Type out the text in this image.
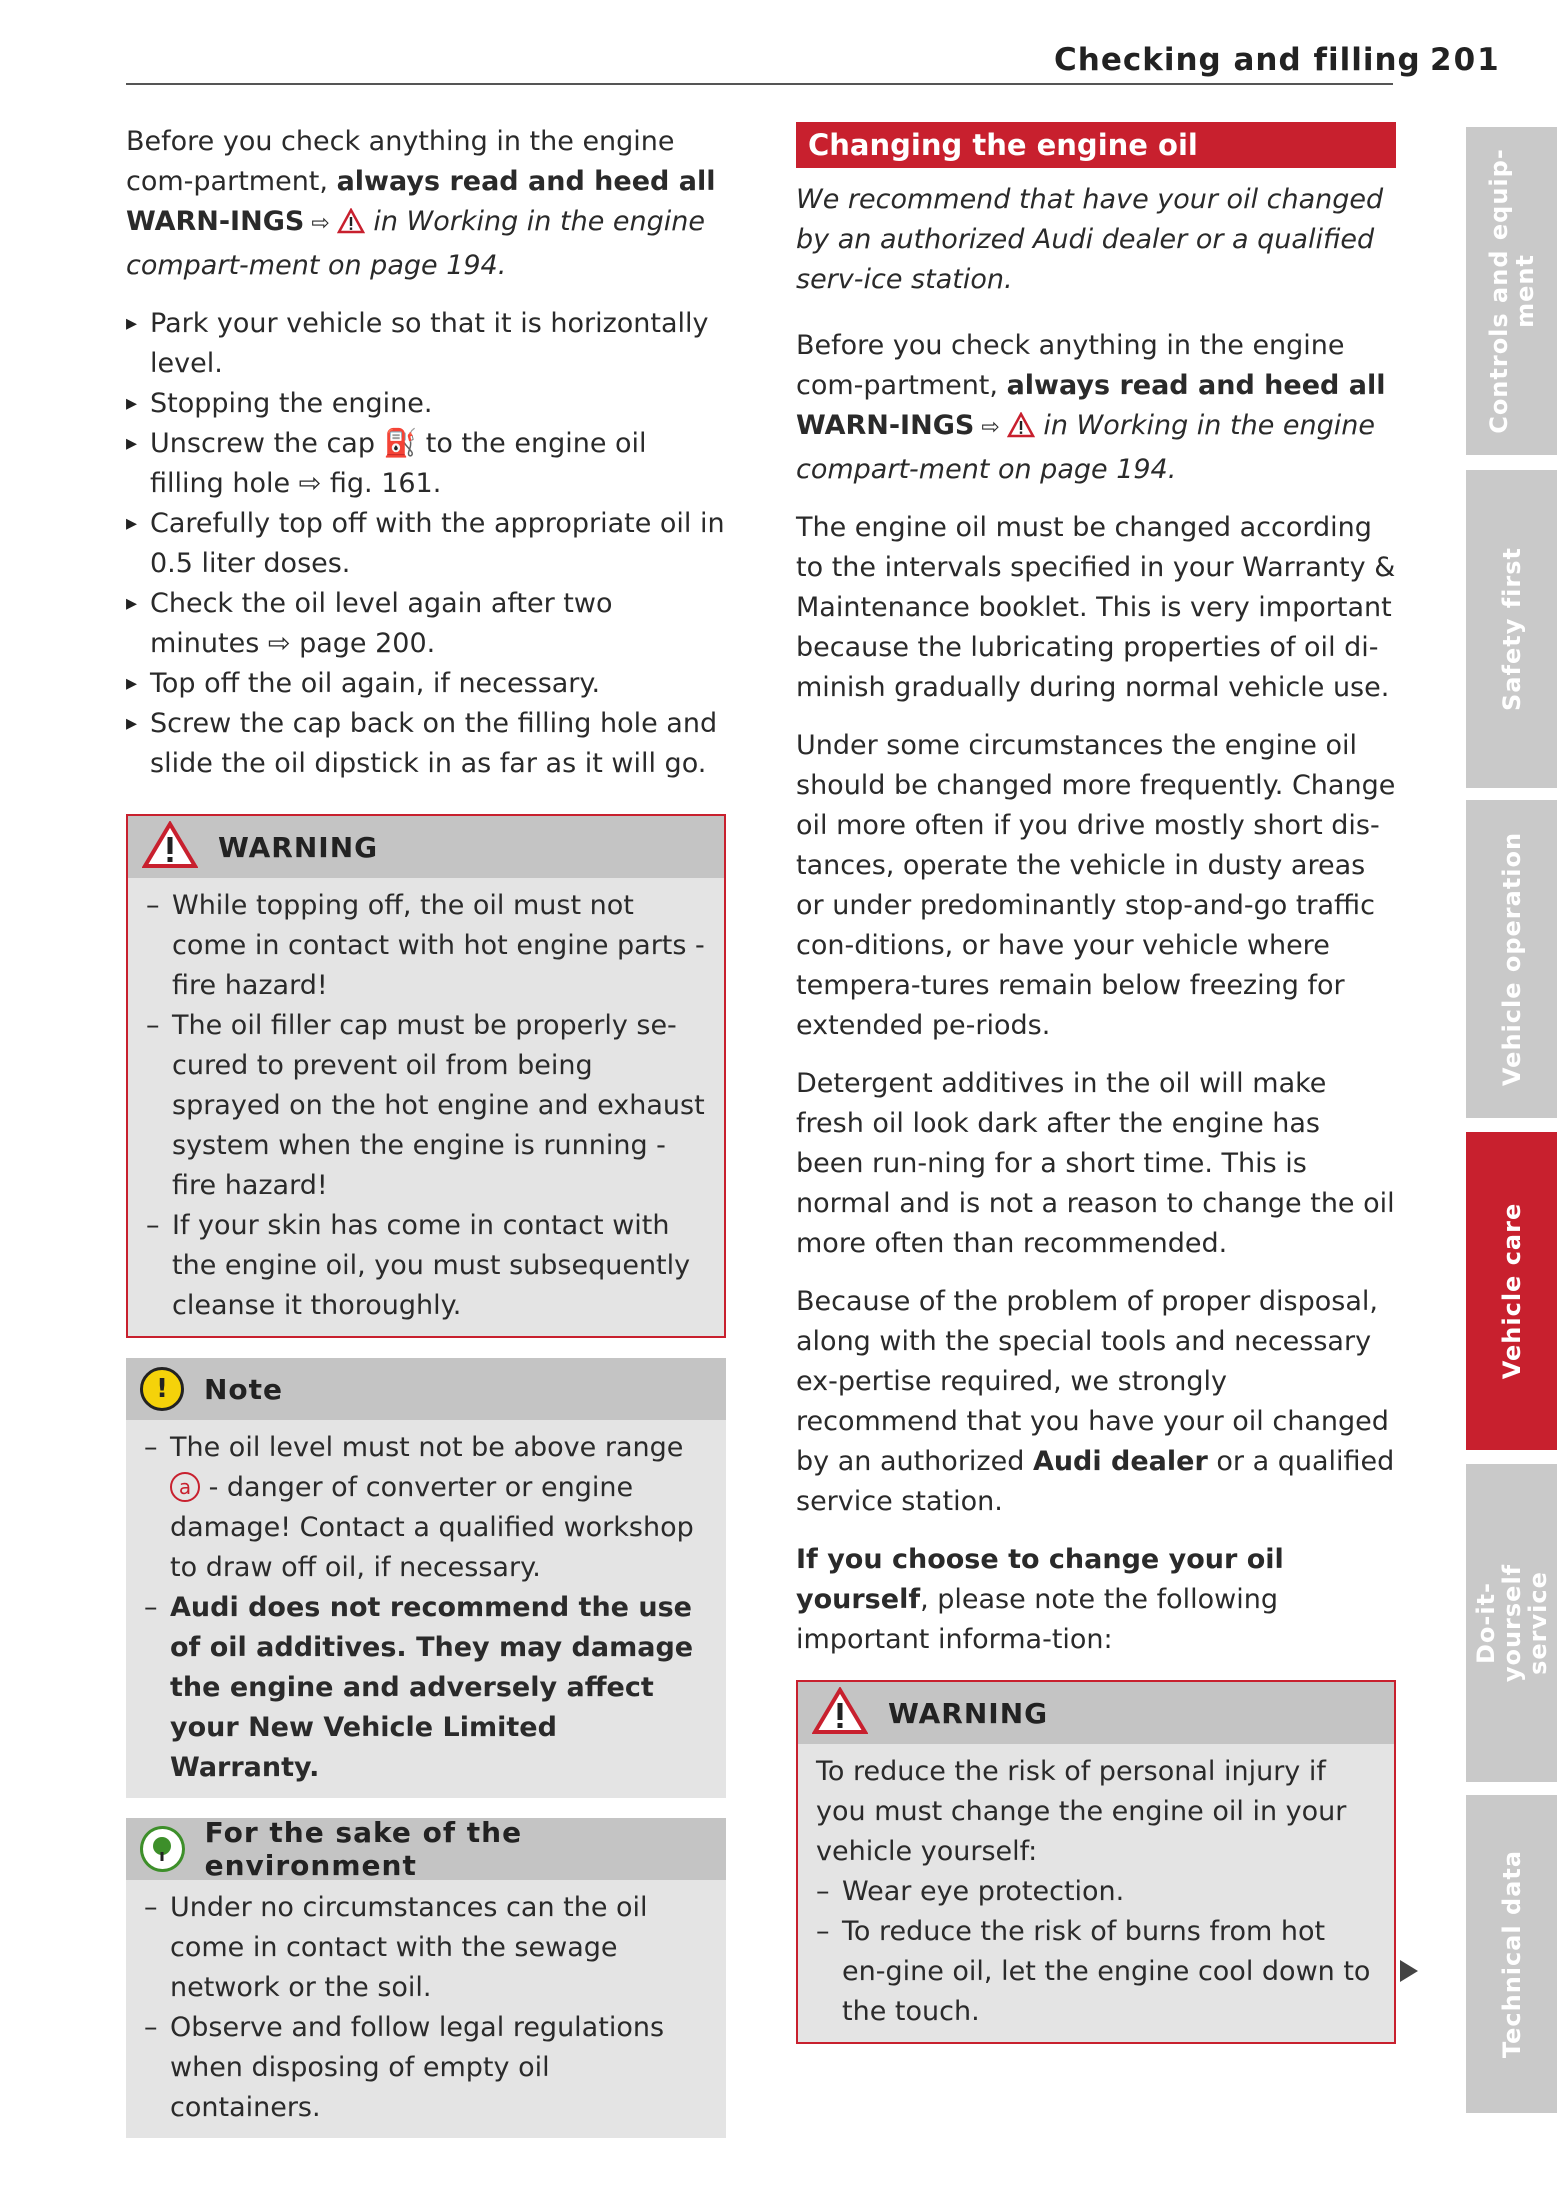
Checking and filling 201

Before you check anything in the engine com-partment, always read and heed all WARN-INGS ⇨  in Working in the engine compart-ment on page 194.

▸ Park your vehicle so that it is horizontally level.
▸ Stopping the engine.
▸ Unscrew the cap ⛽ to the engine oil filling hole ⇨ fig. 161.
▸ Carefully top off with the appropriate oil in 0.5 liter doses.
▸ Check the oil level again after two minutes ⇨ page 200.
▸ Top off the oil again, if necessary.
▸ Screw the cap back on the filling hole and slide the oil dipstick in as far as it will go.
WARNING
– While topping off, the oil must not come in contact with hot engine parts - fire hazard!
– The oil filler cap must be properly se-cured to prevent oil from being sprayed on the hot engine and exhaust system when the engine is running - fire hazard!
– If your skin has come in contact with the engine oil, you must subsequently cleanse it thoroughly.
!	Note
– The oil level must not be above range a - danger of converter or engine damage! Contact a qualified workshop to draw off oil, if necessary.
– Audi does not recommend the use of oil additives. They may damage the engine and adversely affect your New Vehicle Limited Warranty.
For the sake of the environment
– Under no circumstances can the oil come in contact with the sewage network or the soil.
– Observe and follow legal regulations when disposing of empty oil containers.
Changing the engine oil

We recommend that have your oil changed by an authorized Audi dealer or a qualified serv-ice station.

Before you check anything in the engine com-partment, always read and heed all WARN-INGS ⇨  in Working in the engine compart-ment on page 194.

The engine oil must be changed according to the intervals specified in your Warranty & Maintenance booklet. This is very important because the lubricating properties of oil di-minish gradually during normal vehicle use.

Under some circumstances the engine oil should be changed more frequently. Change oil more often if you drive mostly short dis-tances, operate the vehicle in dusty areas or under predominantly stop-and-go traffic con-ditions, or have your vehicle where tempera-tures remain below freezing for extended pe-riods.

Detergent additives in the oil will make fresh oil look dark after the engine has been run-ning for a short time. This is normal and is not a reason to change the oil more often than recommended.

Because of the problem of proper disposal, along with the special tools and necessary ex-pertise required, we strongly recommend that you have your oil changed by an authorized Audi dealer or a qualified service station.

If you choose to change your oil yourself, please note the following important informa-tion:

WARNING

To reduce the risk of personal injury if you must change the engine oil in your vehicle yourself:

– Wear eye protection.
– To reduce the risk of burns from hot en-gine oil, let the engine cool down to the touch.
Controls and equip-ment
Safety first
Vehicle operation
Vehicle care
Do-it-yourself service
Technical data
